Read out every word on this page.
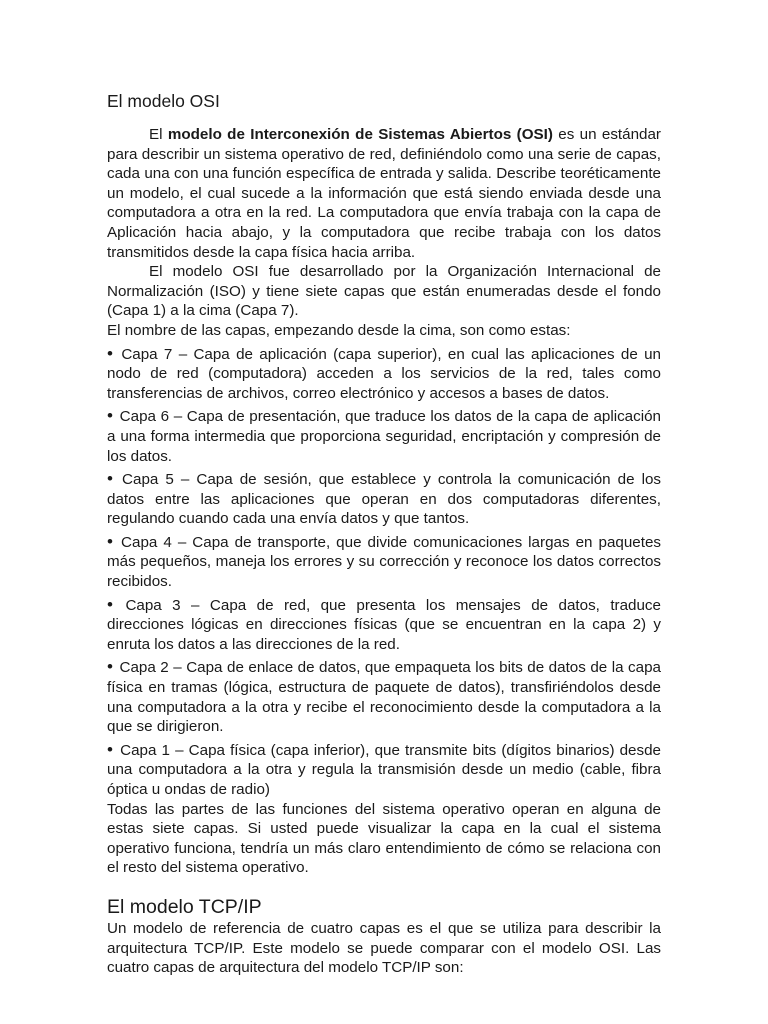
El modelo OSI

El modelo de Interconexión de Sistemas Abiertos (OSI) es un estándar para describir un sistema operativo de red, definiéndolo como una serie de capas, cada una con una función específica de entrada y salida. Describe teoréticamente un modelo, el cual sucede a la información que está siendo enviada desde una computadora a otra en la red. La computadora que envía trabaja con la capa de Aplicación hacia abajo, y la computadora que recibe trabaja con los datos transmitidos desde la capa física hacia arriba.

El modelo OSI fue desarrollado por la Organización Internacional de Normalización (ISO) y tiene siete capas que están enumeradas desde el fondo (Capa 1) a la cima (Capa 7).

El nombre de las capas, empezando desde la cima, son como estas:

• Capa 7 – Capa de aplicación (capa superior), en cual las aplicaciones de un nodo de red (computadora) acceden a los servicios de la red, tales como transferencias de archivos, correo electrónico y accesos a bases de datos.

• Capa 6 – Capa de presentación, que traduce los datos de la capa de aplicación a una forma intermedia que proporciona seguridad, encriptación y compresión de los datos.

• Capa 5 – Capa de sesión, que establece y controla la comunicación de los datos entre las aplicaciones que operan en dos computadoras diferentes, regulando cuando cada una envía datos y que tantos.

• Capa 4 – Capa de transporte, que divide comunicaciones largas en paquetes más pequeños, maneja los errores y su corrección y reconoce los datos correctos recibidos.

• Capa 3 – Capa de red, que presenta los mensajes de datos, traduce direcciones lógicas en direcciones físicas (que se encuentran en la capa 2) y enruta los datos a las direcciones de la red.

• Capa 2 – Capa de enlace de datos, que empaqueta los bits de datos de la capa física en tramas (lógica, estructura de paquete de datos), transfiriéndolos desde una computadora a la otra y recibe el reconocimiento desde la computadora a la que se dirigieron.

• Capa 1 – Capa física (capa inferior), que transmite bits (dígitos binarios) desde una computadora a la otra y regula la transmisión desde un medio (cable, fibra óptica u ondas de radio)

Todas las partes de las funciones del sistema operativo operan en alguna de estas siete capas. Si usted puede visualizar la capa en la cual el sistema operativo funciona, tendría un más claro entendimiento de cómo se relaciona con el resto del sistema operativo.

El modelo TCP/IP

Un modelo de referencia de cuatro capas es el que se utiliza para describir la arquitectura TCP/IP. Este modelo se puede comparar con el modelo OSI. Las cuatro capas de arquitectura del modelo TCP/IP son:
